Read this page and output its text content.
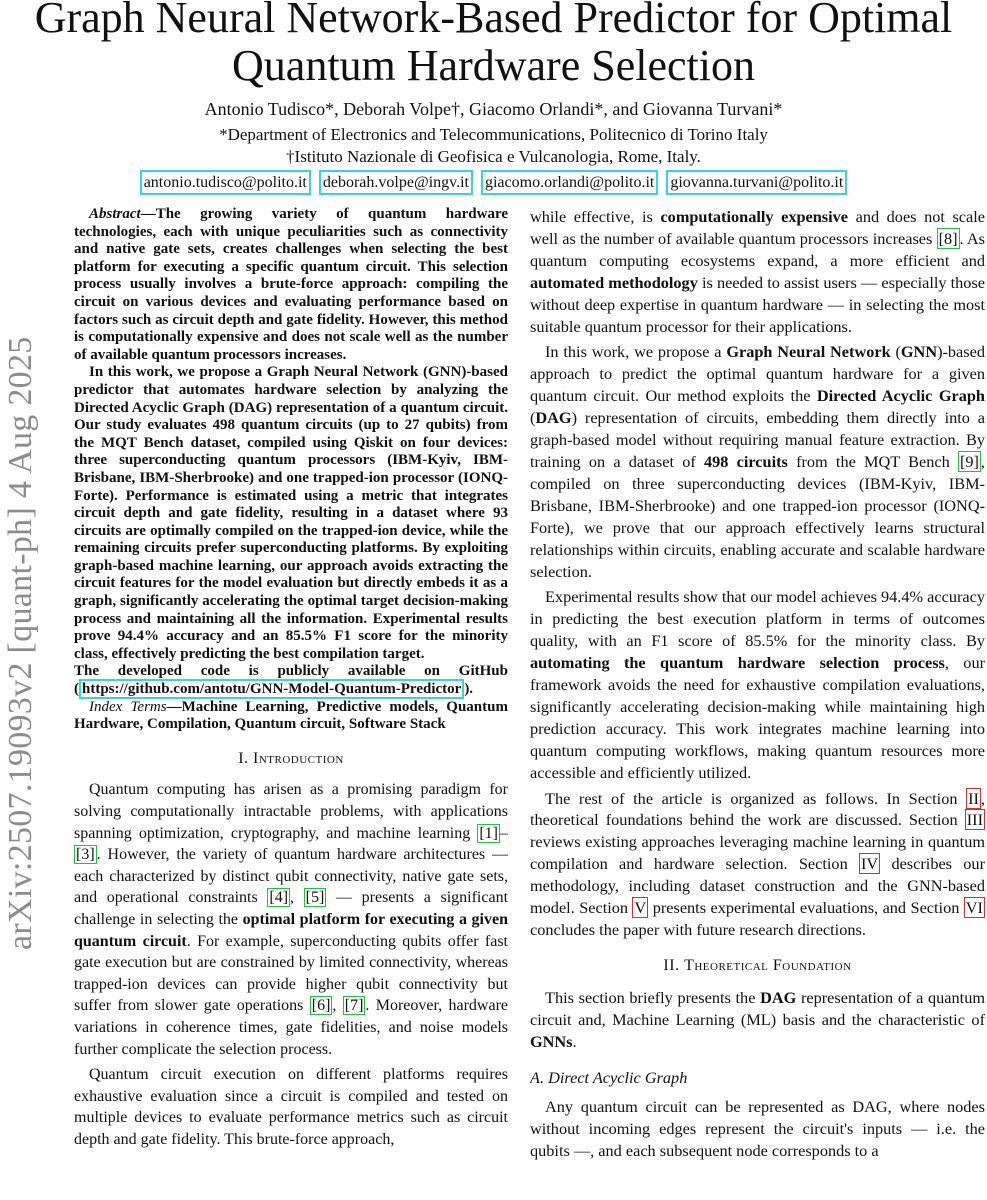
arXiv:2507.19093v2 [quant-ph] 4 Aug 2025
Graph Neural Network-Based Predictor for Optimal Quantum Hardware Selection
Antonio Tudisco*, Deborah Volpe†, Giacomo Orlandi*, and Giovanna Turvani*
*Department of Electronics and Telecommunications, Politecnico di Torino Italy
†Istituto Nazionale di Geofisica e Vulcanologia, Rome, Italy.
antonio.tudisco@polito.it deborah.volpe@ingv.it giacomo.orlandi@polito.it giovanna.turvani@polito.it

Abstract—The growing variety of quantum hardware technologies, each with unique peculiarities such as connectivity and native gate sets, creates challenges when selecting the best platform for executing a specific quantum circuit. This selection process usually involves a brute-force approach: compiling the circuit on various devices and evaluating performance based on factors such as circuit depth and gate fidelity. However, this method is computationally expensive and does not scale well as the number of available quantum processors increases.

In this work, we propose a Graph Neural Network (GNN)-based predictor that automates hardware selection by analyzing the Directed Acyclic Graph (DAG) representation of a quantum circuit. Our study evaluates 498 quantum circuits (up to 27 qubits) from the MQT Bench dataset, compiled using Qiskit on four devices: three superconducting quantum processors (IBM-Kyiv, IBM-Brisbane, IBM-Sherbrooke) and one trapped-ion processor (IONQ-Forte). Performance is estimated using a metric that integrates circuit depth and gate fidelity, resulting in a dataset where 93 circuits are optimally compiled on the trapped-ion device, while the remaining circuits prefer superconducting platforms. By exploiting graph-based machine learning, our approach avoids extracting the circuit features for the model evaluation but directly embeds it as a graph, significantly accelerating the optimal target decision-making process and maintaining all the information. Experimental results prove 94.4% accuracy and an 85.5% F1 score for the minority class, effectively predicting the best compilation target.

The developed code is publicly available on GitHub ( https://github.com/antotu/GNN-Model-Quantum-Predictor ).

Index Terms—Machine Learning, Predictive models, Quantum Hardware, Compilation, Quantum circuit, Software Stack

I. Introduction

Quantum computing has arisen as a promising paradigm for solving computationally intractable problems, with applications spanning optimization, cryptography, and machine learning [1] –[3] . However, the variety of quantum hardware architectures — each characterized by distinct qubit connectivity, native gate sets, and operational constraints [4] , [5] — presents a significant challenge in selecting the optimal platform for executing a given quantum circuit. For example, superconducting qubits offer fast gate execution but are constrained by limited connectivity, whereas trapped-ion devices can provide higher qubit connectivity but suffer from slower gate operations [6] , [7] . Moreover, hardware variations in coherence times, gate fidelities, and noise models further complicate the selection process.

Quantum circuit execution on different platforms requires exhaustive evaluation since a circuit is compiled and tested on multiple devices to evaluate performance metrics such as circuit depth and gate fidelity. This brute-force approach,

while effective, is computationally expensive and does not scale well as the number of available quantum processors increases [8] . As quantum computing ecosystems expand, a more efficient and automated methodology is needed to assist users — especially those without deep expertise in quantum hardware — in selecting the most suitable quantum processor for their applications.

In this work, we propose a Graph Neural Network (GNN)-based approach to predict the optimal quantum hardware for a given quantum circuit. Our method exploits the Directed Acyclic Graph (DAG) representation of circuits, embedding them directly into a graph-based model without requiring manual feature extraction. By training on a dataset of 498 circuits from the MQT Bench [9] , compiled on three superconducting devices (IBM-Kyiv, IBM-Brisbane, IBM-Sherbrooke) and one trapped-ion processor (IONQ-Forte), we prove that our approach effectively learns structural relationships within circuits, enabling accurate and scalable hardware selection.

Experimental results show that our model achieves 94.4% accuracy in predicting the best execution platform in terms of outcomes quality, with an F1 score of 85.5% for the minority class. By automating the quantum hardware selection process, our framework avoids the need for exhaustive compilation evaluations, significantly accelerating decision-making while maintaining high prediction accuracy. This work integrates machine learning into quantum computing workflows, making quantum resources more accessible and efficiently utilized.

The rest of the article is organized as follows. In Section II , theoretical foundations behind the work are discussed. Section III reviews existing approaches leveraging machine learning in quantum compilation and hardware selection. Section IV describes our methodology, including dataset construction and the GNN-based model. Section V presents experimental evaluations, and Section VI concludes the paper with future research directions.

II. Theoretical Foundation

This section briefly presents the DAG representation of a quantum circuit and, Machine Learning (ML) basis and the characteristic of GNNs.

A. Direct Acyclic Graph

Any quantum circuit can be represented as DAG, where nodes without incoming edges represent the circuit's inputs — i.e. the qubits —, and each subsequent node corresponds to a
